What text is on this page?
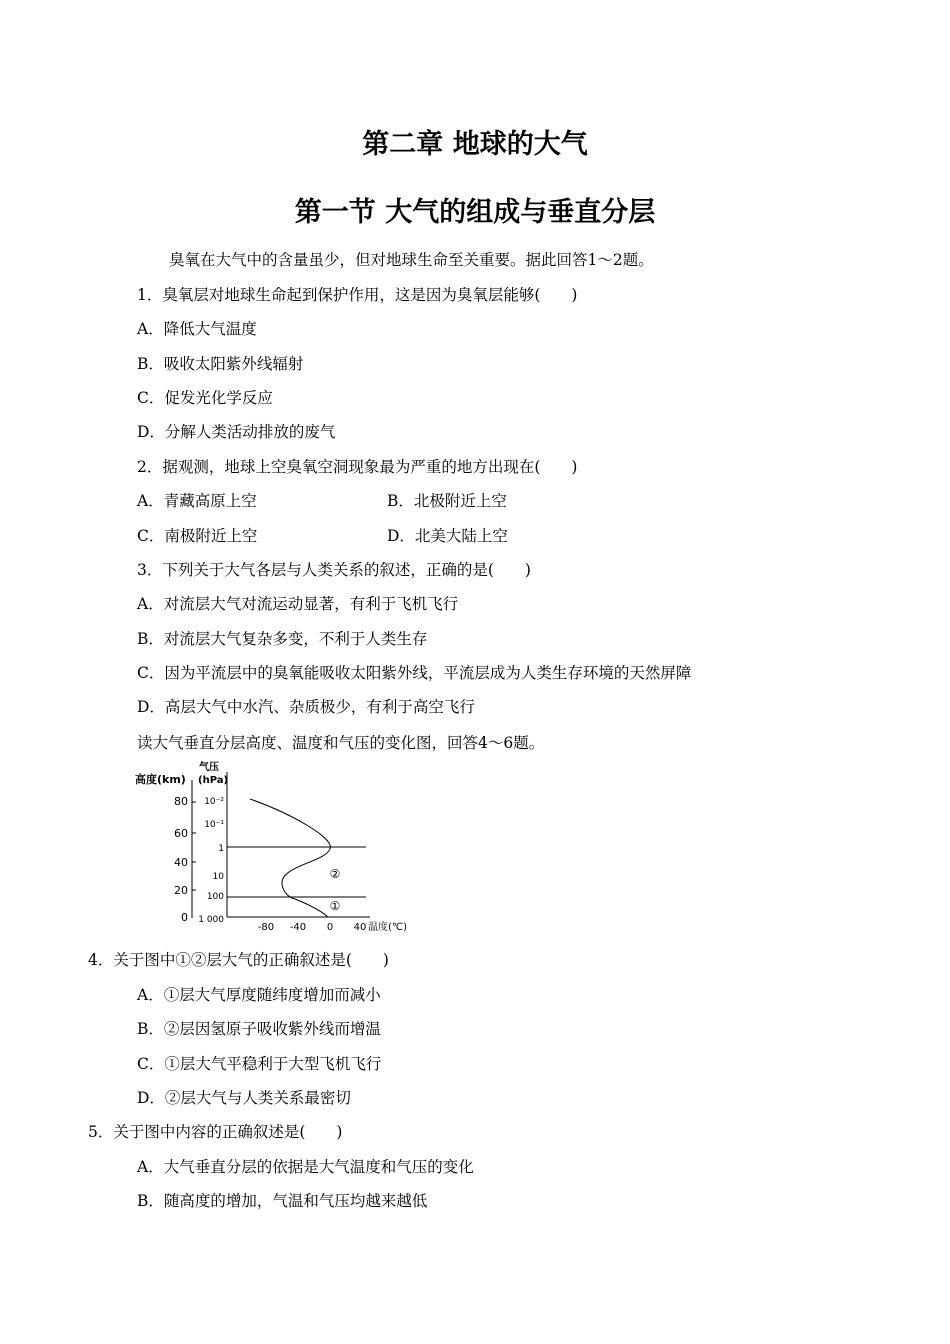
第二章 地球的大气
第一节 大气的组成与垂直分层
臭氧在大气中的含量虽少，但对地球生命至关重要。据此回答1～2题。
1．臭氧层对地球生命起到保护作用，这是因为臭氧层能够(　　)
A．降低大气温度
B．吸收太阳紫外线辐射
C．促发光化学反应
D．分解人类活动排放的废气
2．据观测，地球上空臭氧空洞现象最为严重的地方出现在(　　)
A．青藏高原上空	B．北极附近上空
C．南极附近上空	D．北美大陆上空
3．下列关于大气各层与人类关系的叙述，正确的是(　　)
A．对流层大气对流运动显著，有利于飞机飞行
B．对流层大气复杂多变，不利于人类生存
C．因为平流层中的臭氧能吸收太阳紫外线，平流层成为人类生存环境的天然屏障
D．高层大气中水汽、杂质极少，有利于高空飞行
读大气垂直分层高度、温度和气压的变化图，回答4～6题。
高度(km)
气压
(hPa)
80
60
40
20
0
10⁻²
10⁻¹
1
10
100
1 000
②
①
-80 -40 0 40 温度(℃)
4．关于图中①②层大气的正确叙述是(　　)
A．①层大气厚度随纬度增加而减小
B．②层因氢原子吸收紫外线而增温
C．①层大气平稳利于大型飞机飞行
D．②层大气与人类关系最密切
5．关于图中内容的正确叙述是(　　)
A．大气垂直分层的依据是大气温度和气压的变化
B．随高度的增加，气温和气压均越来越低
